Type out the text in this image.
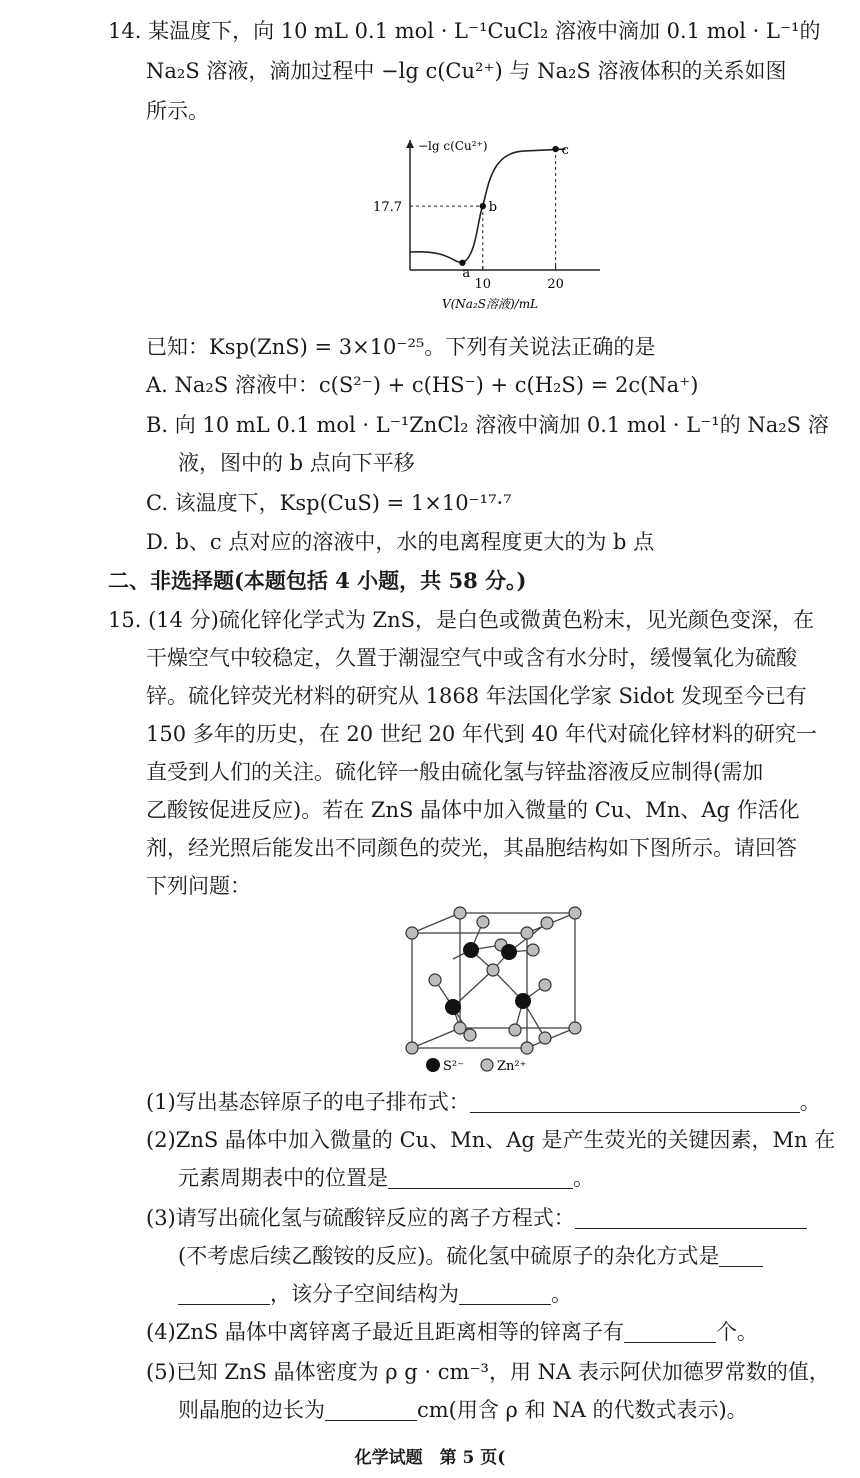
14. 某温度下，向 10 mL 0.1 mol · L⁻¹CuCl₂ 溶液中滴加 0.1 mol · L⁻¹的
Na₂S 溶液，滴加过程中 −lg c(Cu²⁺) 与 Na₂S 溶液体积的关系如图
所示。
−lg c(Cu²⁺)
V(Na₂S溶液)/mL
10	20
17.7
a
b
c
已知：Ksp(ZnS) = 3×10⁻²⁵。下列有关说法正确的是
A. Na₂S 溶液中：c(S²⁻) + c(HS⁻) + c(H₂S) = 2c(Na⁺)
B. 向 10 mL 0.1 mol · L⁻¹ZnCl₂ 溶液中滴加 0.1 mol · L⁻¹的 Na₂S 溶
液，图中的 b 点向下平移
C. 该温度下，Ksp(CuS) = 1×10⁻¹⁷·⁷
D. b、c 点对应的溶液中，水的电离程度更大的为 b 点
二、非选择题(本题包括 4 小题，共 58 分。)
15. (14 分)硫化锌化学式为 ZnS，是白色或微黄色粉末，见光颜色变深，在
干燥空气中较稳定，久置于潮湿空气中或含有水分时，缓慢氧化为硫酸
锌。硫化锌荧光材料的研究从 1868 年法国化学家 Sidot 发现至今已有
150 多年的历史，在 20 世纪 20 年代到 40 年代对硫化锌材料的研究一
直受到人们的关注。硫化锌一般由硫化氢与锌盐溶液反应制得(需加
乙酸铵促进反应)。若在 ZnS 晶体中加入微量的 Cu、Mn、Ag 作活化
剂，经光照后能发出不同颜色的荧光，其晶胞结构如下图所示。请回答
下列问题：
S²⁻	Zn²⁺
(1)写出基态锌原子的电子排布式：	。
(2)ZnS 晶体中加入微量的 Cu、Mn、Ag 是产生荧光的关键因素，Mn 在
元素周期表中的位置是	。
(3)请写出硫化氢与硫酸锌反应的离子方程式：
(不考虑后续乙酸铵的反应)。硫化氢中硫原子的杂化方式是
，该分子空间结构为	。
(4)ZnS 晶体中离锌离子最近且距离相等的锌离子有	个。
(5)已知 ZnS 晶体密度为 ρ g · cm⁻³，用 NA 表示阿伏加德罗常数的值，
则晶胞的边长为	cm(用含 ρ 和 NA 的代数式表示)。
化学试题　第 5 页(
